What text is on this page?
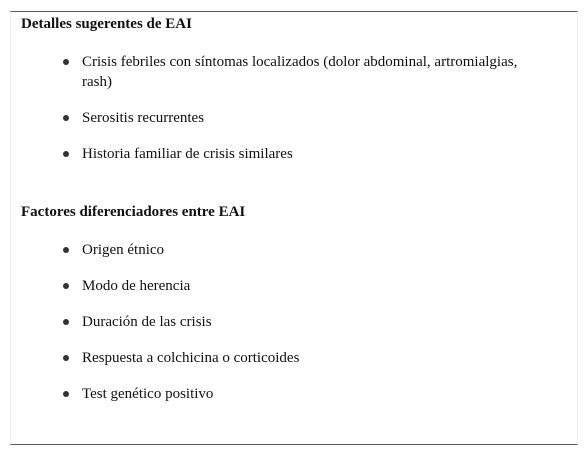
Detalles sugerentes de EAI
Crisis febriles con síntomas localizados (dolor abdominal, artromialgias, rash)
Serositis recurrentes
Historia familiar de crisis similares
Factores diferenciadores entre EAI
Origen étnico
Modo de herencia
Duración de las crisis
Respuesta a colchicina o corticoides
Test genético positivo
